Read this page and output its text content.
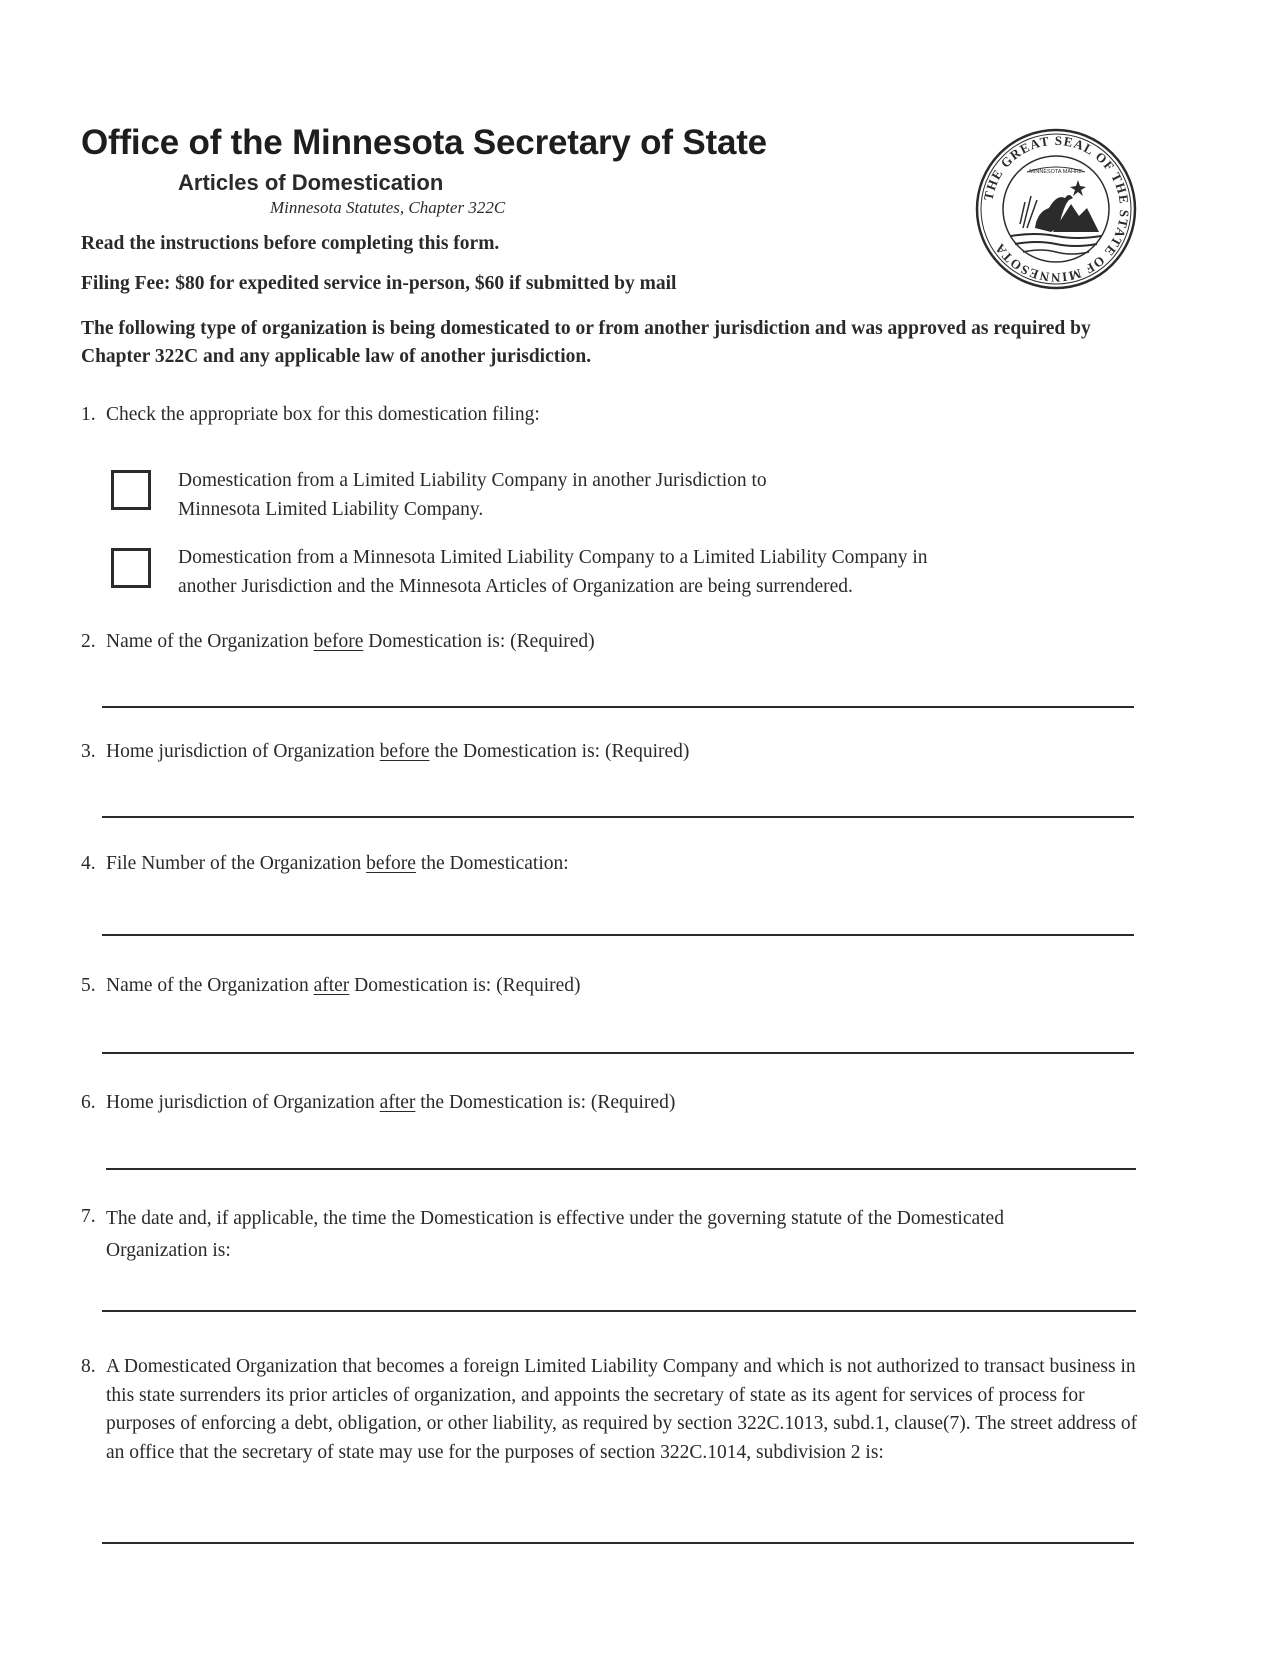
Office of the Minnesota Secretary of State
Articles of Domestication
Minnesota Statutes, Chapter 322C
THE GREAT SEAL OF THE STATE OF MINNESOTA
MINNESOTA MAHRE
Read the instructions before completing this form.
Filing Fee: $80 for expedited service in-person, $60 if submitted by mail
The following type of organization is being domesticated to or from another jurisdiction and was approved as required by Chapter 322C and any applicable law of another jurisdiction.
1. Check the appropriate box for this domestication filing:
Domestication from a Limited Liability Company in another Jurisdiction to
Minnesota Limited Liability Company.
Domestication from a Minnesota Limited Liability Company to a Limited Liability Company in
another Jurisdiction and the Minnesota Articles of Organization are being surrendered.
2. Name of the Organization before Domestication is: (Required)
3. Home jurisdiction of Organization before the Domestication is: (Required)
4. File Number of the Organization before the Domestication:
5. Name of the Organization after Domestication is: (Required)
6. Home jurisdiction of Organization after the Domestication is: (Required)
7. The date and, if applicable, the time the Domestication is effective under the governing statute of the Domesticated Organization is:
8. A Domesticated Organization that becomes a foreign Limited Liability Company and which is not authorized to transact business in this state surrenders its prior articles of organization, and appoints the secretary of state as its agent for services of process for purposes of enforcing a debt, obligation, or other liability, as required by section 322C.1013, subd.1, clause(7). The street address of an office that the secretary of state may use for the purposes of section 322C.1014, subdivision 2 is:
